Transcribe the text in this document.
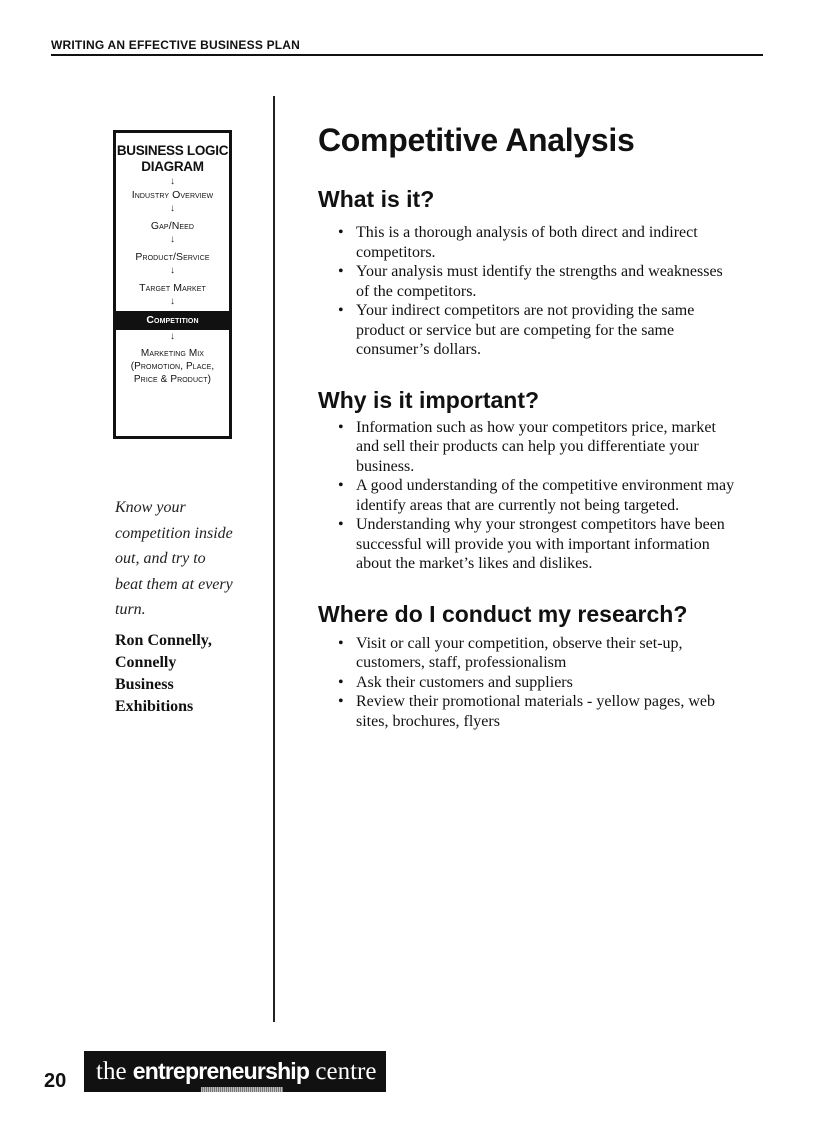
WRITING AN EFFECTIVE BUSINESS PLAN
BUSINESS LOGIC
DIAGRAM
↓
Industry Overview
↓
Gap/Need
↓
Product/Service
↓
Target Market
↓
Competition
↓
Marketing Mix
(Promotion, Place,
Price & Product)
Know your
competition inside
out, and try to
beat them at every
turn.
Ron Connelly,
Connelly
Business
Exhibitions
Competitive Analysis
What is it?
• This is a thorough analysis of both direct and indirect competitors.
• Your analysis must identify the strengths and weaknesses of the competitors.
• Your indirect competitors are not providing the same product or service but are competing for the same consumer’s dollars.
Why is it important?
• Information such as how your competitors price, market and sell their products can help you differentiate your business.
• A good understanding of the competitive environment may identify areas that are currently not being targeted.
• Understanding why your strongest competitors have been successful will provide you with important information about the market’s likes and dislikes.
Where do I conduct my research?
• Visit or call your competition, observe their set-up, customers, staff, professionalism
• Ask their customers and suppliers
• Review their promotional materials - yellow pages, web sites, brochures, flyers
20	the entrepreneurship centre
